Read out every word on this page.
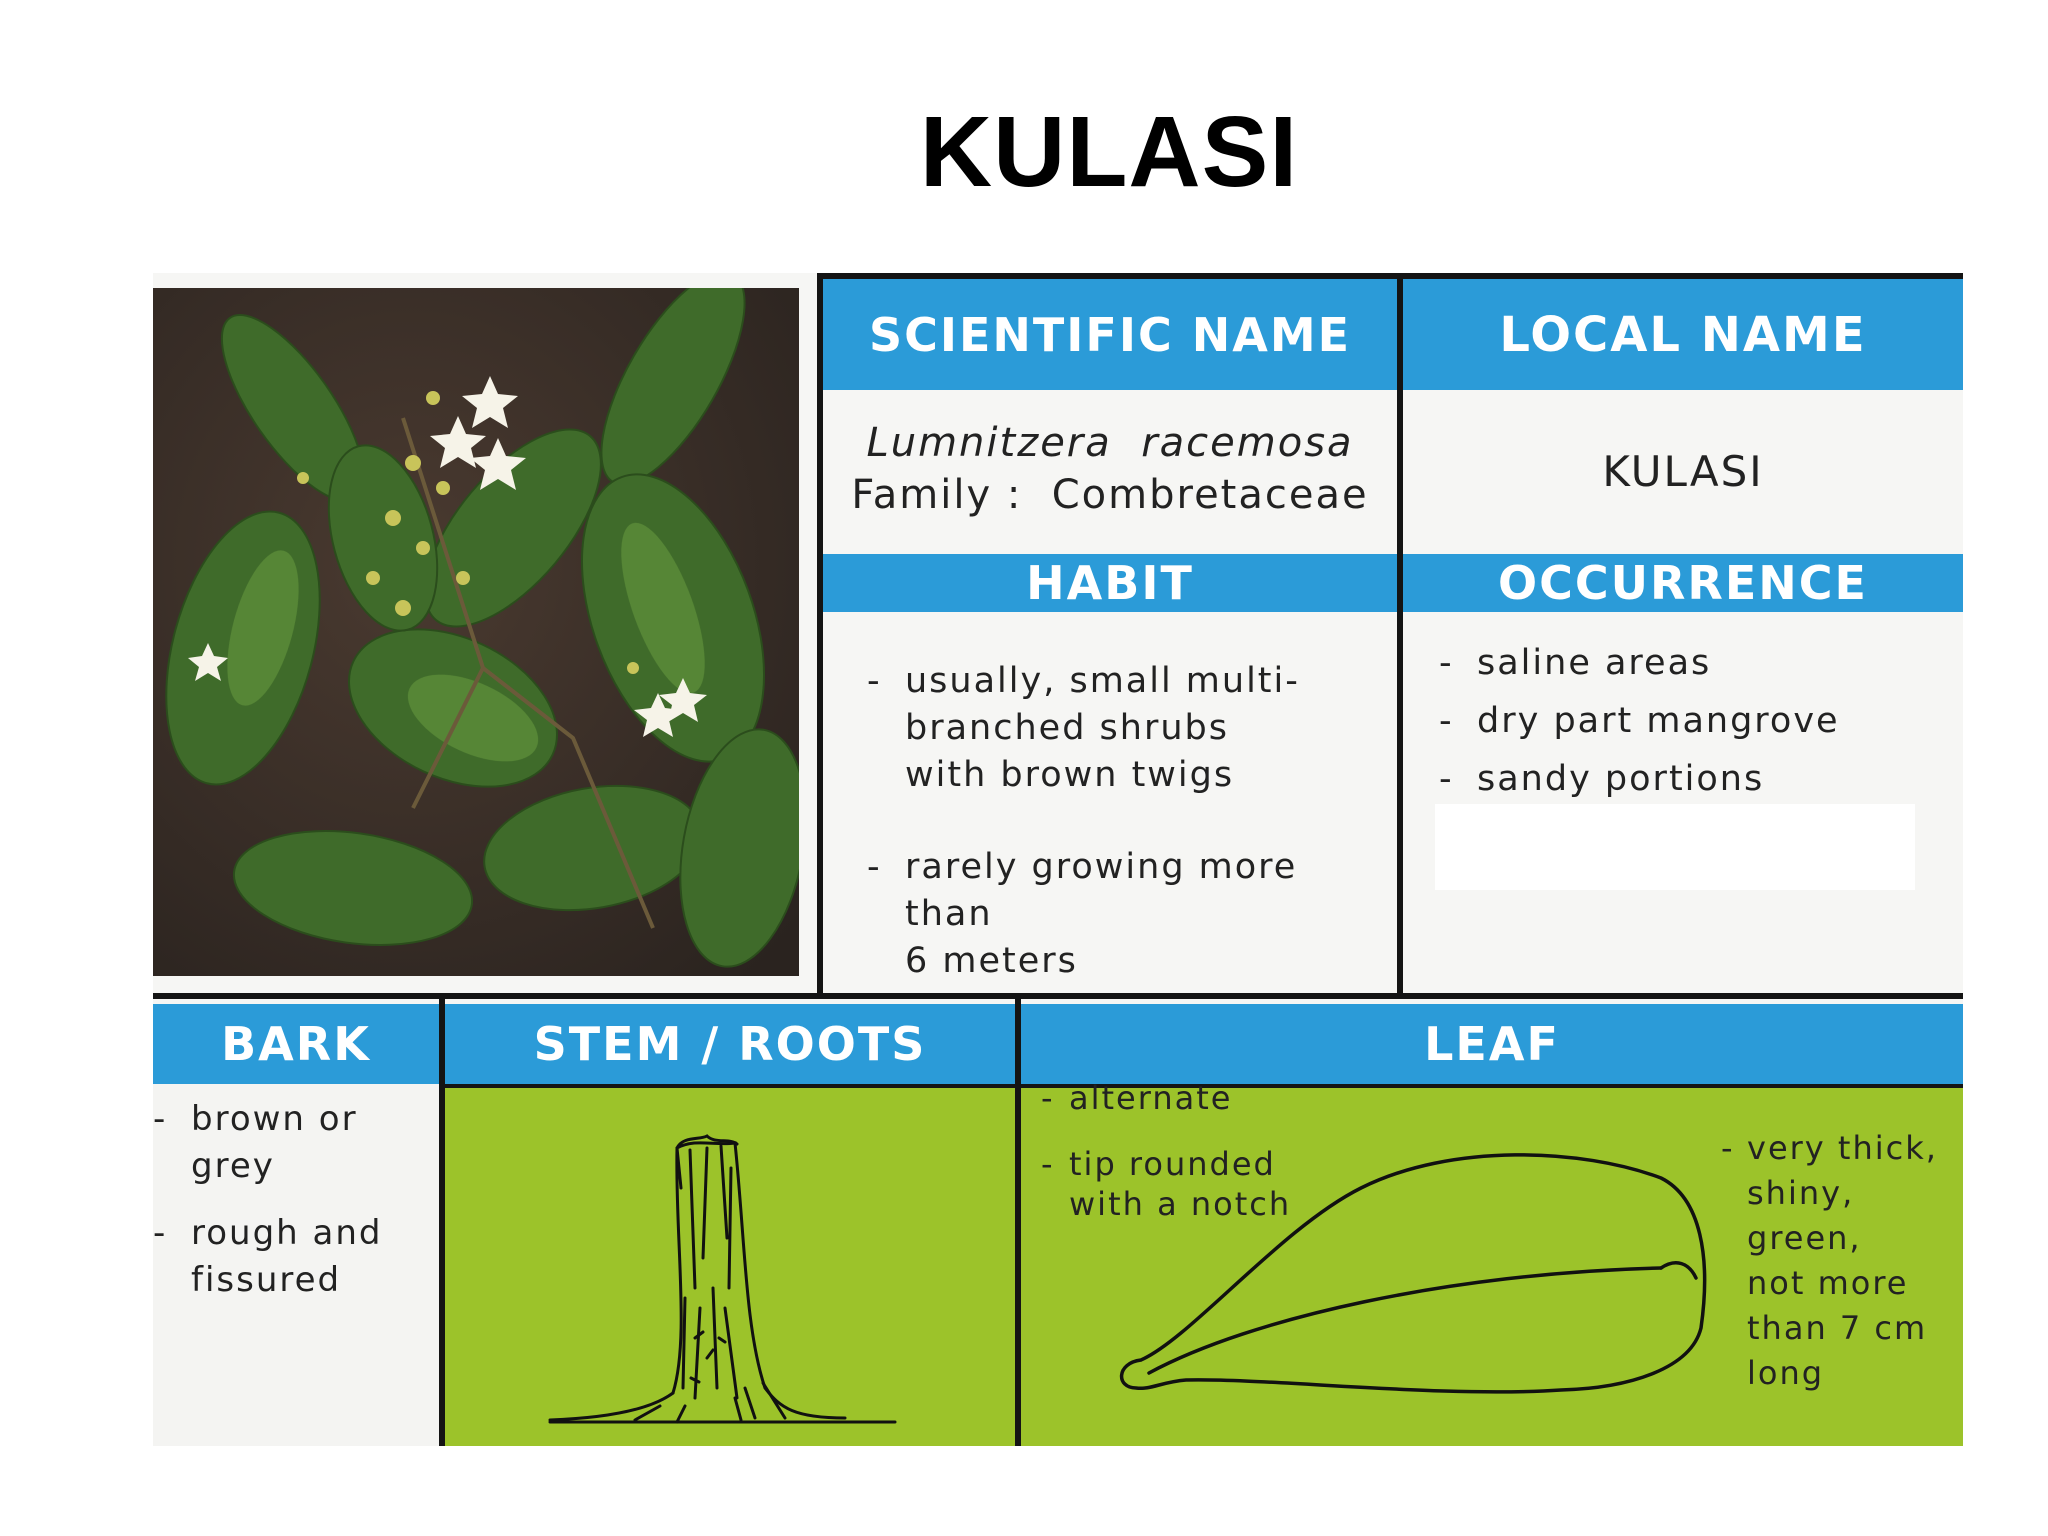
KULASI
SCIENTIFIC NAME	LOCAL NAME
Lumnitzera  racemosa
Family :  Combretaceae	KULASI
HABIT	OCCURRENCE
- usually, small multi-
branched shrubs
with brown twigs
- rarely growing more than
6 meters
- saline areas
- dry part mangrove
- sandy portions
BARK	STEM / ROOTS	LEAF
- brown or grey
- rough and
fissured
- alternate
- tip rounded
with a notch
- very thick,
shiny, green,
not more
than 7 cm
long
